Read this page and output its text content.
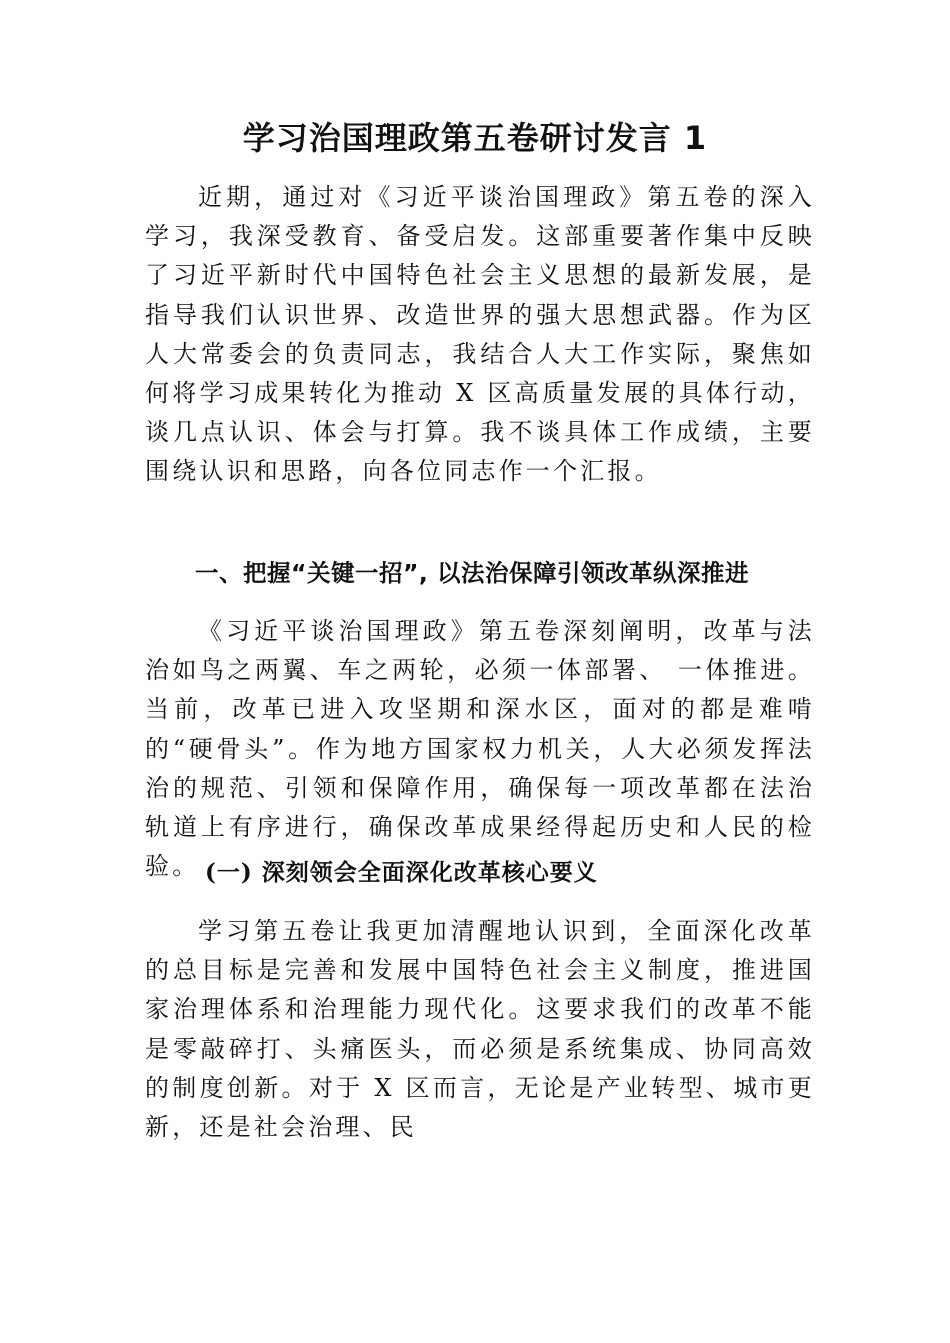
学习治国理政第五卷研讨发言 1

近期，通过对《习近平谈治国理政》第五卷的深入学习，我深受教育、备受启发。这部重要著作集中反映了习近平新时代中国特色社会主义思想的最新发展，是指导我们认识世界、改造世界的强大思想武器。作为区人大常委会的负责同志，我结合人大工作实际，聚焦如何将学习成果转化为推动 X 区高质量发展的具体行动，谈几点认识、体会与打算。我不谈具体工作成绩，主要围绕认识和思路，向各位同志作一个汇报。

一、把握“关键一招”, 以法治保障引领改革纵深推进

《习近平谈治国理政》第五卷深刻阐明，改革与法治如鸟之两翼、车之两轮，必须一体部署、 一体推进。当前，改革已进入攻坚期和深水区，面对的都是难啃的“硬骨头”。作为地方国家权力机关，人大必须发挥法治的规范、引领和保障作用，确保每一项改革都在法治轨道上有序进行，确保改革成果经得起历史和人民的检验。 (一) 深刻领会全面深化改革核心要义

学习第五卷让我更加清醒地认识到，全面深化改革的总目标是完善和发展中国特色社会主义制度，推进国家治理体系和治理能力现代化。这要求我们的改革不能是零敲碎打、头痛医头，而必须是系统集成、协同高效的制度创新。对于 X 区而言，无论是产业转型、城市更新，还是社会治理、民
